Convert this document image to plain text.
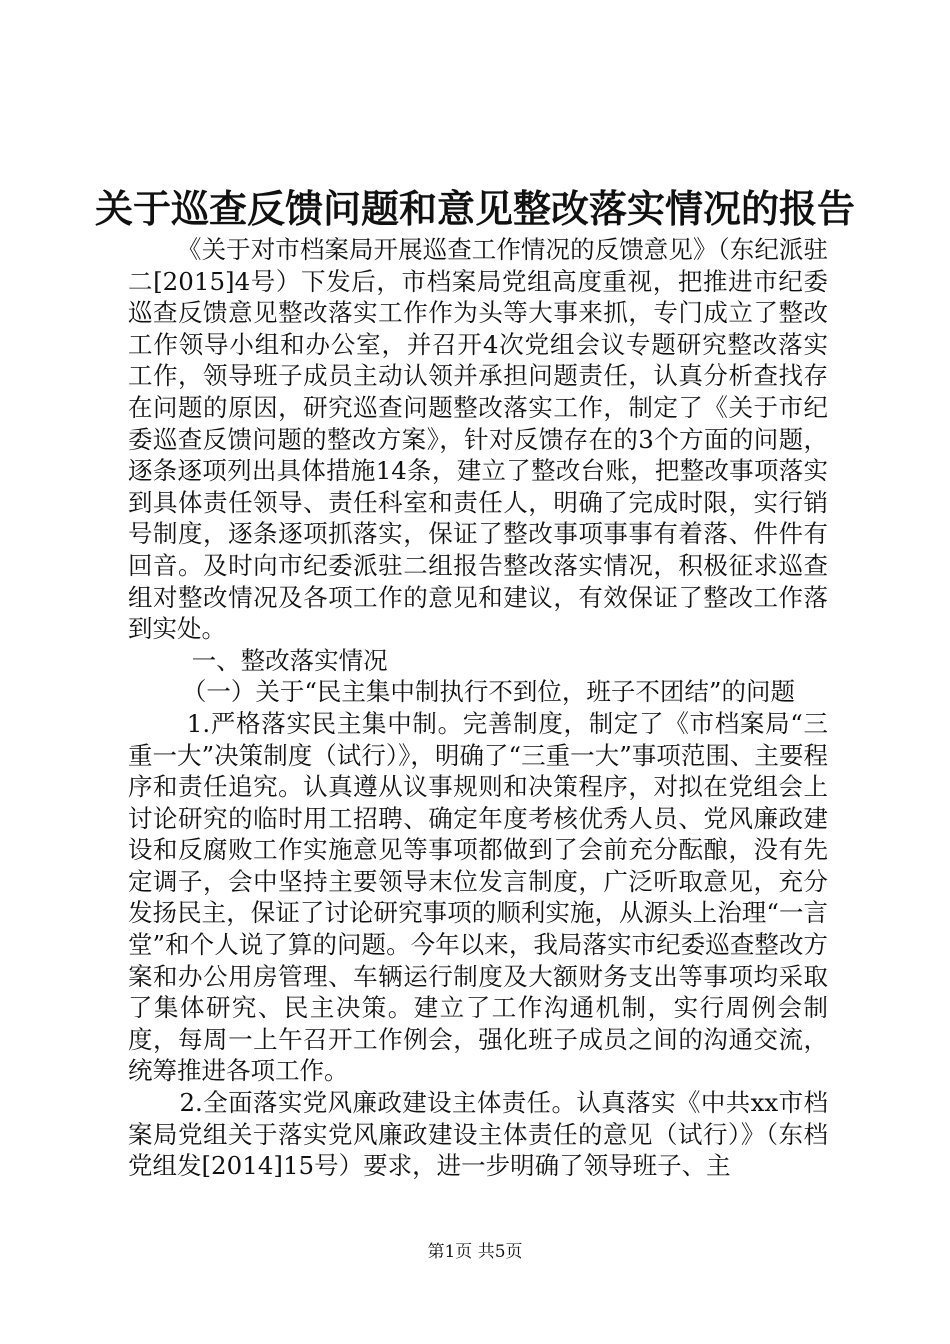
关于巡查反馈问题和意见整改落实情况的报告

《关于对市档案局开展巡查工作情况的反馈意见》（东纪派驻二[2015]4号）下发后，市档案局党组高度重视，把推进市纪委巡查反馈意见整改落实工作作为头等大事来抓，专门成立了整改工作领导小组和办公室，并召开4次党组会议专题研究整改落实工作，领导班子成员主动认领并承担问题责任，认真分析查找存在问题的原因，研究巡查问题整改落实工作，制定了《关于市纪委巡查反馈问题的整改方案》，针对反馈存在的3个方面的问题，逐条逐项列出具体措施14条，建立了整改台账，把整改事项落实到具体责任领导、责任科室和责任人，明确了完成时限，实行销号制度，逐条逐项抓落实，保证了整改事项事事有着落、件件有回音。及时向市纪委派驻二组报告整改落实情况，积极征求巡查组对整改情况及各项工作的意见和建议，有效保证了整改工作落到实处。

一、整改落实情况

（一）关于“民主集中制执行不到位，班子不团结”的问题

1.严格落实民主集中制。完善制度，制定了《市档案局“三重一大”决策制度（试行）》，明确了“三重一大”事项范围、主要程序和责任追究。认真遵从议事规则和决策程序，对拟在党组会上讨论研究的临时用工招聘、确定年度考核优秀人员、党风廉政建设和反腐败工作实施意见等事项都做到了会前充分酝酿，没有先定调子，会中坚持主要领导末位发言制度，广泛听取意见，充分发扬民主，保证了讨论研究事项的顺利实施，从源头上治理“一言堂”和个人说了算的问题。今年以来，我局落实市纪委巡查整改方案和办公用房管理、车辆运行制度及大额财务支出等事项均采取了集体研究、民主决策。建立了工作沟通机制，实行周例会制度，每周一上午召开工作例会，强化班子成员之间的沟通交流，统筹推进各项工作。

2.全面落实党风廉政建设主体责任。认真落实《中共xx市档案局党组关于落实党风廉政建设主体责任的意见（试行）》（东档党组发[2014]15号）要求，进一步明确了领导班子、主

第1页 共5页
